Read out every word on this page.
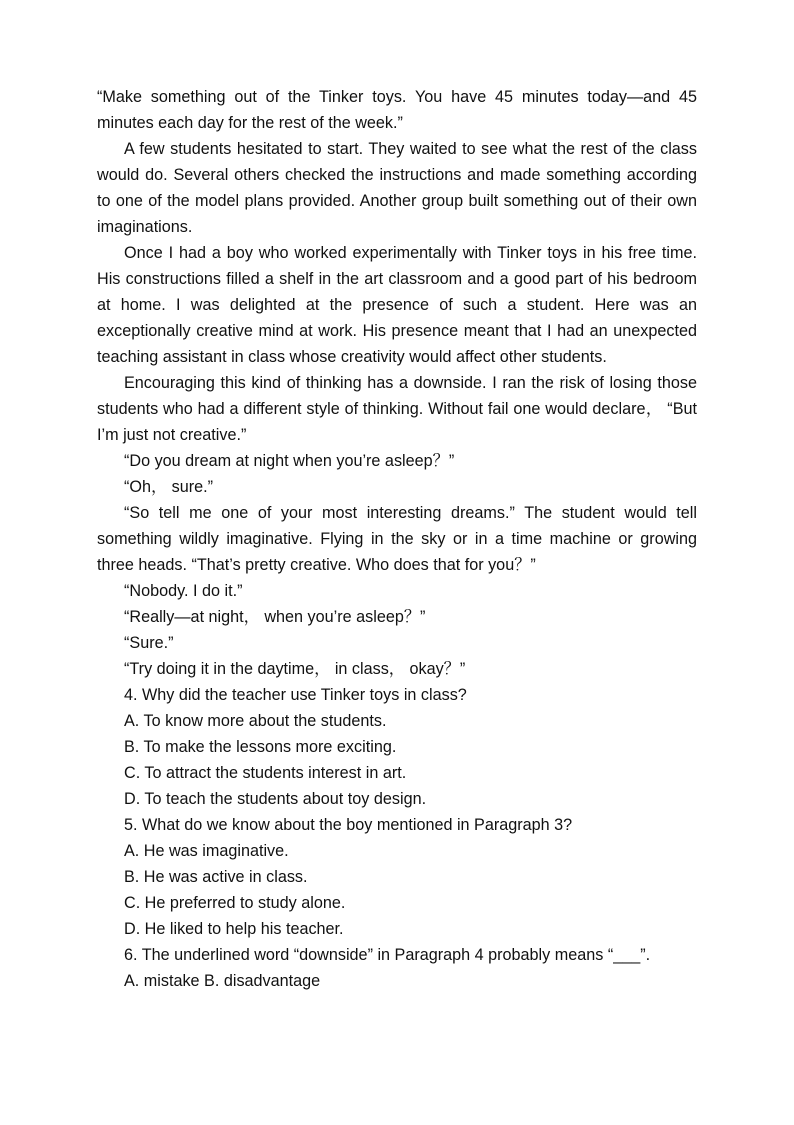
“Make something out of the Tinker toys. You have 45 minutes today—and 45 minutes each day for the rest of the week.”

A few students hesitated to start. They waited to see what the rest of the class would do. Several others checked the instructions and made something according to one of the model plans provided. Another group built something out of their own imaginations.

Once I had a boy who worked experimentally with Tinker toys in his free time. His constructions filled a shelf in the art classroom and a good part of his bedroom at home. I was delighted at the presence of such a student. Here was an exceptionally creative mind at work. His presence meant that I had an unexpected teaching assistant in class whose creativity would affect other students.

Encouraging this kind of thinking has a downside. I ran the risk of losing those students who had a different style of thinking. Without fail one would declare， “But I’m just not creative.”

“Do you dream at night when you’re asleep？”

“Oh， sure.”

“So tell me one of your most interesting dreams.” The student would tell something wildly imaginative. Flying in the sky or in a time machine or growing three heads. “That’s pretty creative. Who does that for you？”

“Nobody. I do it.”

“Really—at night， when you’re asleep？”

“Sure.”

“Try doing it in the daytime， in class， okay？”

4. Why did the teacher use Tinker toys in class?

A. To know more about the students.

B. To make the lessons more exciting.

C. To attract the students interest in art.

D. To teach the students about toy design.

5. What do we know about the boy mentioned in Paragraph 3?

A. He was imaginative.

B. He was active in class.

C. He preferred to study alone.

D. He liked to help his teacher.

6. The underlined word “downside” in Paragraph 4 probably means “___”.

A. mistake B. disadvantage
